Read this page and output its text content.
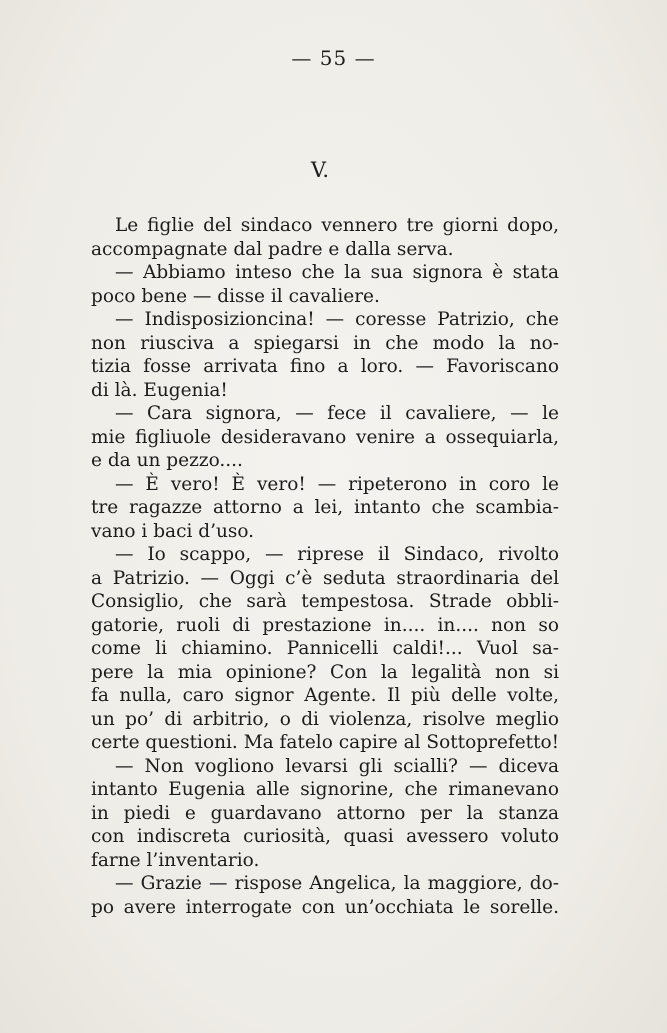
— 55 —
V.
Le figlie del sindaco vennero tre giorni dopo,
accompagnate dal padre e dalla serva.
— Abbiamo inteso che la sua signora è stata
poco bene — disse il cavaliere.
— Indisposizioncina! — coresse Patrizio, che
non riusciva a spiegarsi in che modo la no-
tizia fosse arrivata fino a loro. — Favoriscano
di là. Eugenia!
— Cara signora, — fece il cavaliere, — le
mie figliuole desideravano venire a ossequiarla,
e da un pezzo....
— È vero! È vero! — ripeterono in coro le
tre ragazze attorno a lei, intanto che scambia-
vano i baci d’uso.
— Io scappo, — riprese il Sindaco, rivolto
a Patrizio. — Oggi c’è seduta straordinaria del
Consiglio, che sarà tempestosa. Strade obbli-
gatorie, ruoli di prestazione in.... in.... non so
come li chiamino. Pannicelli caldi!... Vuol sa-
pere la mia opinione? Con la legalità non si
fa nulla, caro signor Agente. Il più delle volte,
un po’ di arbitrio, o di violenza, risolve meglio
certe questioni. Ma fatelo capire al Sottoprefetto!
— Non vogliono levarsi gli scialli? — diceva
intanto Eugenia alle signorine, che rimanevano
in piedi e guardavano attorno per la stanza
con indiscreta curiosità, quasi avessero voluto
farne l’inventario.
— Grazie — rispose Angelica, la maggiore, do-
po avere interrogate con un’occhiata le sorelle.
